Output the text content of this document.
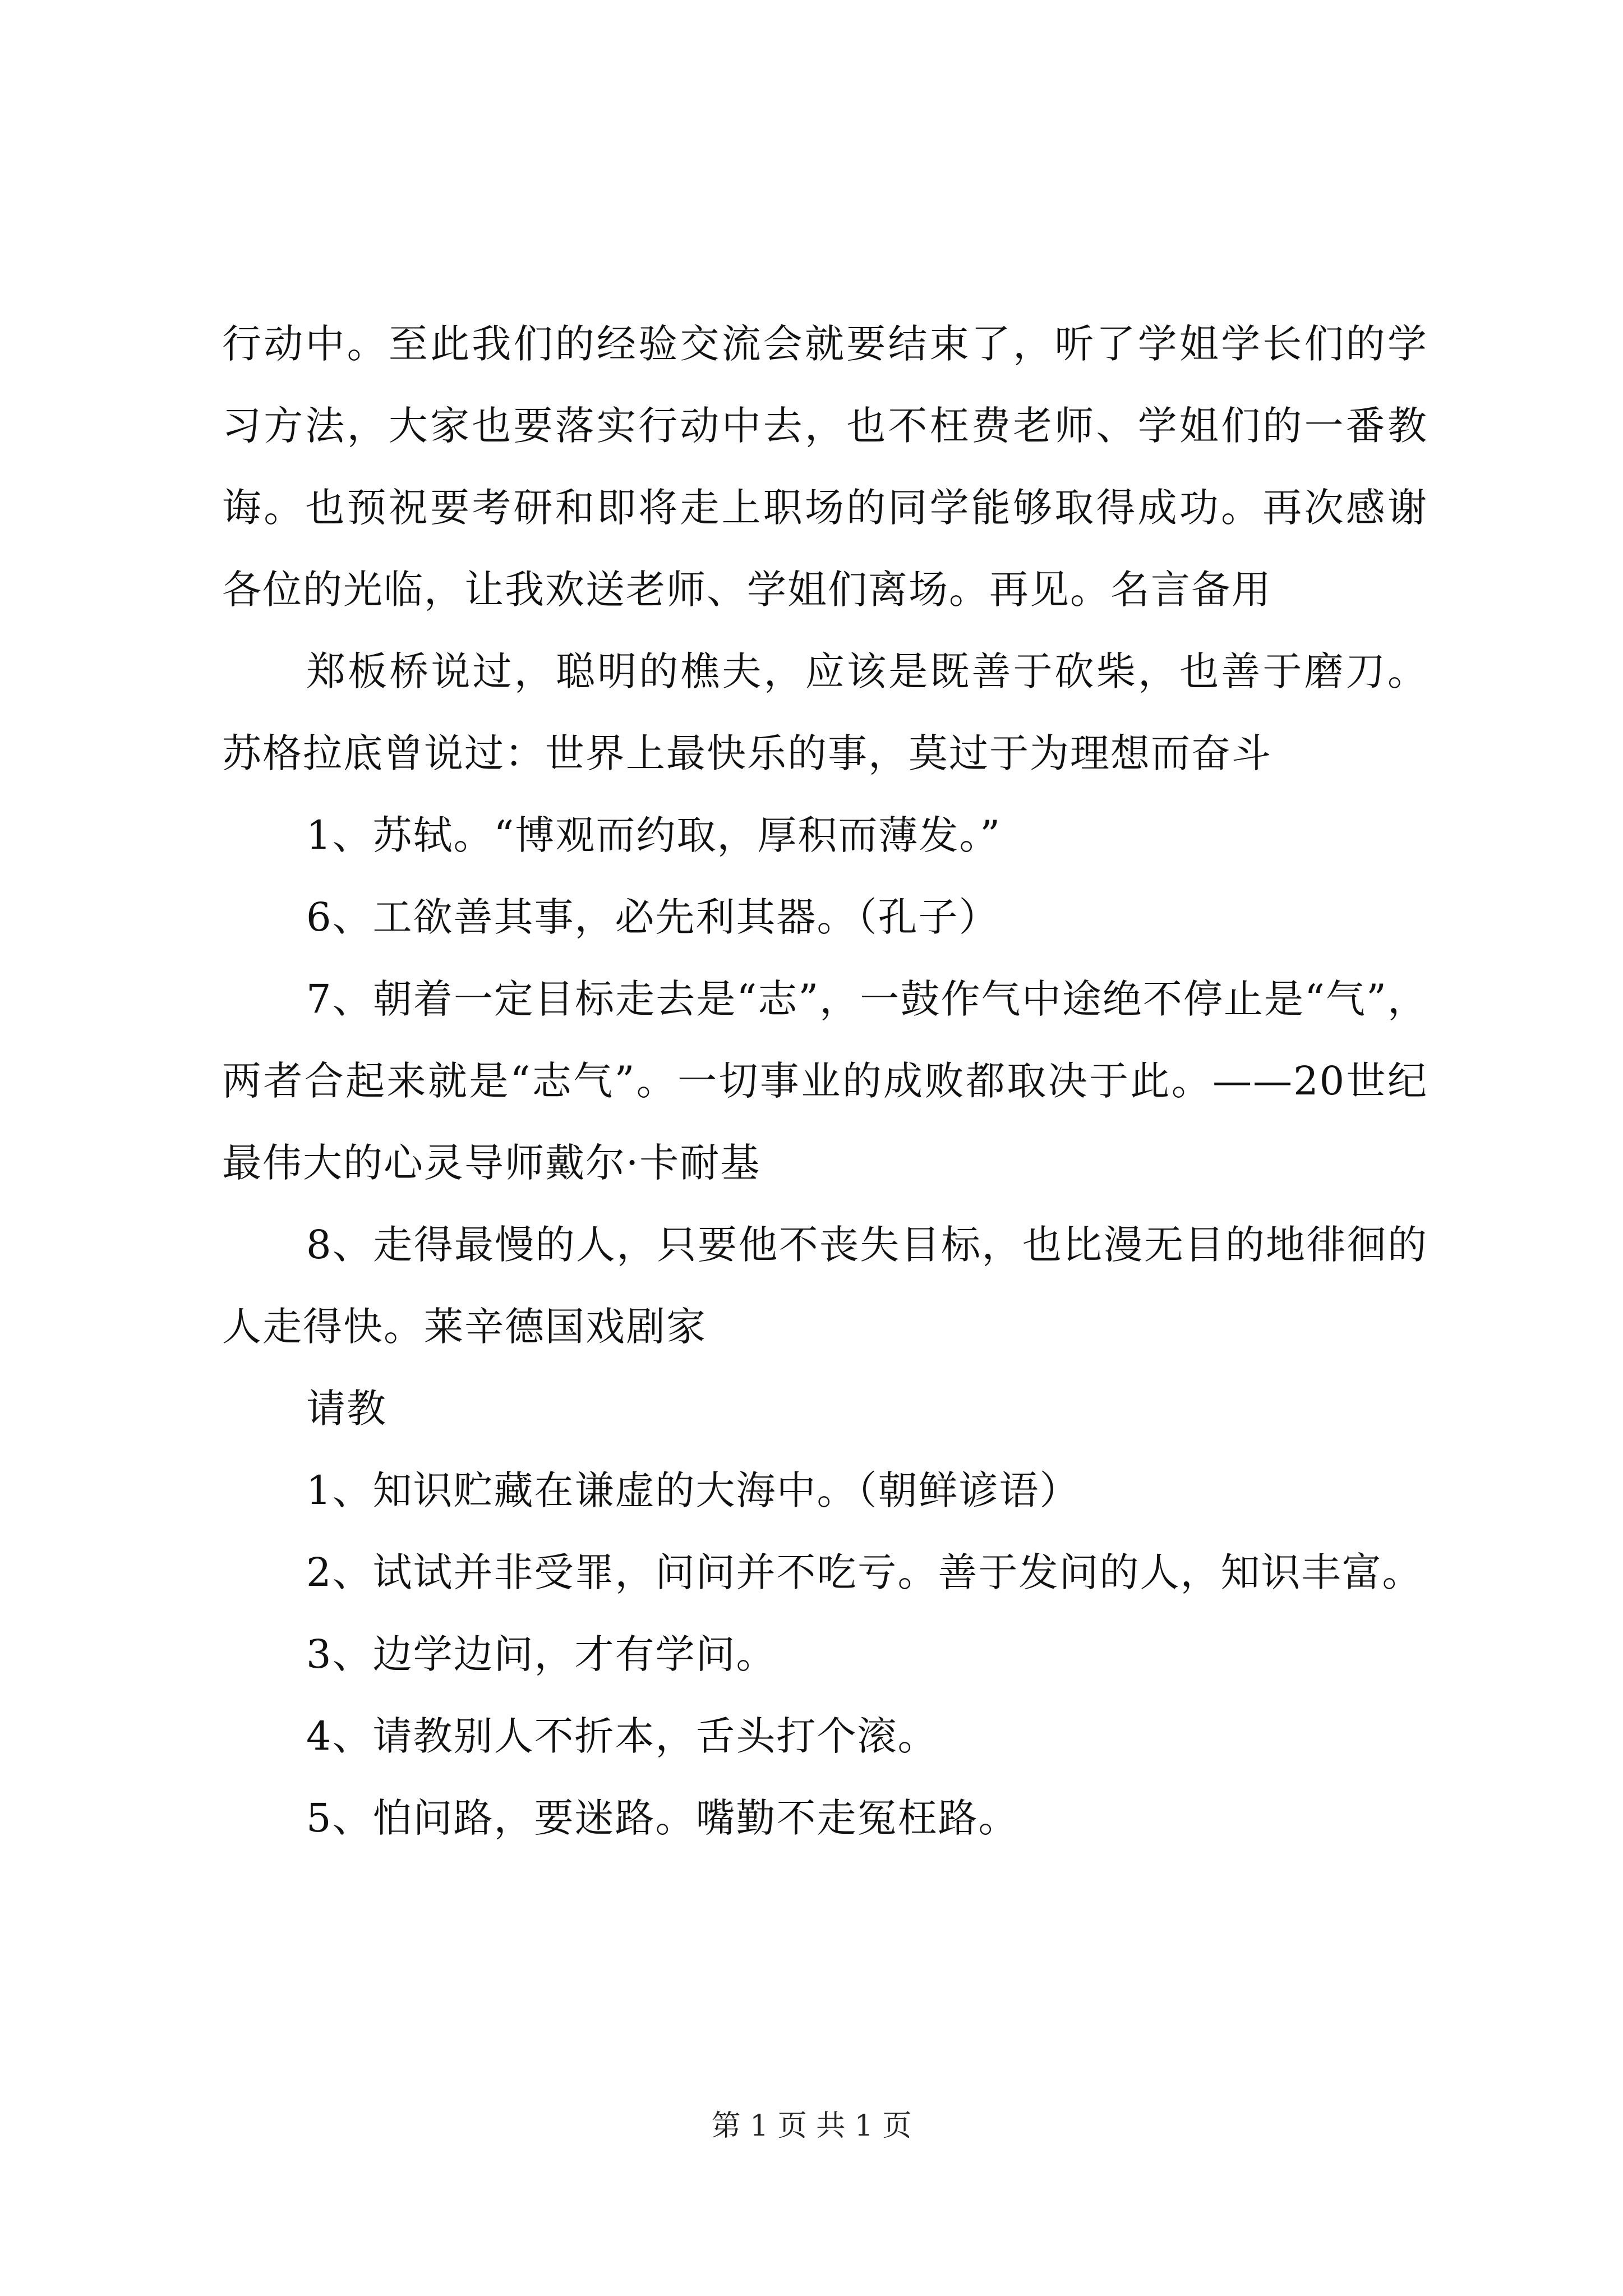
行动中。至此我们的经验交流会就要结束了，听了学姐学长们的学习方法，大家也要落实行动中去，也不枉费老师、学姐们的一番教诲。也预祝要考研和即将走上职场的同学能够取得成功。再次感谢各位的光临，让我欢送老师、学姐们离场。再见。名言备用

郑板桥说过，聪明的樵夫，应该是既善于砍柴，也善于磨刀。苏格拉底曾说过：世界上最快乐的事，莫过于为理想而奋斗

1、苏轼。“博观而约取，厚积而薄发。”

6、工欲善其事，必先利其器。（孔子）

7、朝着一定目标走去是“志”，一鼓作气中途绝不停止是“气”，两者合起来就是“志气”。一切事业的成败都取决于此。——20世纪最伟大的心灵导师戴尔·卡耐基

8、走得最慢的人，只要他不丧失目标，也比漫无目的地徘徊的人走得快。莱辛德国戏剧家

请教

1、知识贮藏在谦虚的大海中。（朝鲜谚语）

2、试试并非受罪，问问并不吃亏。善于发问的人，知识丰富。

3、边学边问，才有学问。

4、请教别人不折本，舌头打个滚。

5、怕问路，要迷路。嘴勤不走冤枉路。

第 1 页 共 1 页
